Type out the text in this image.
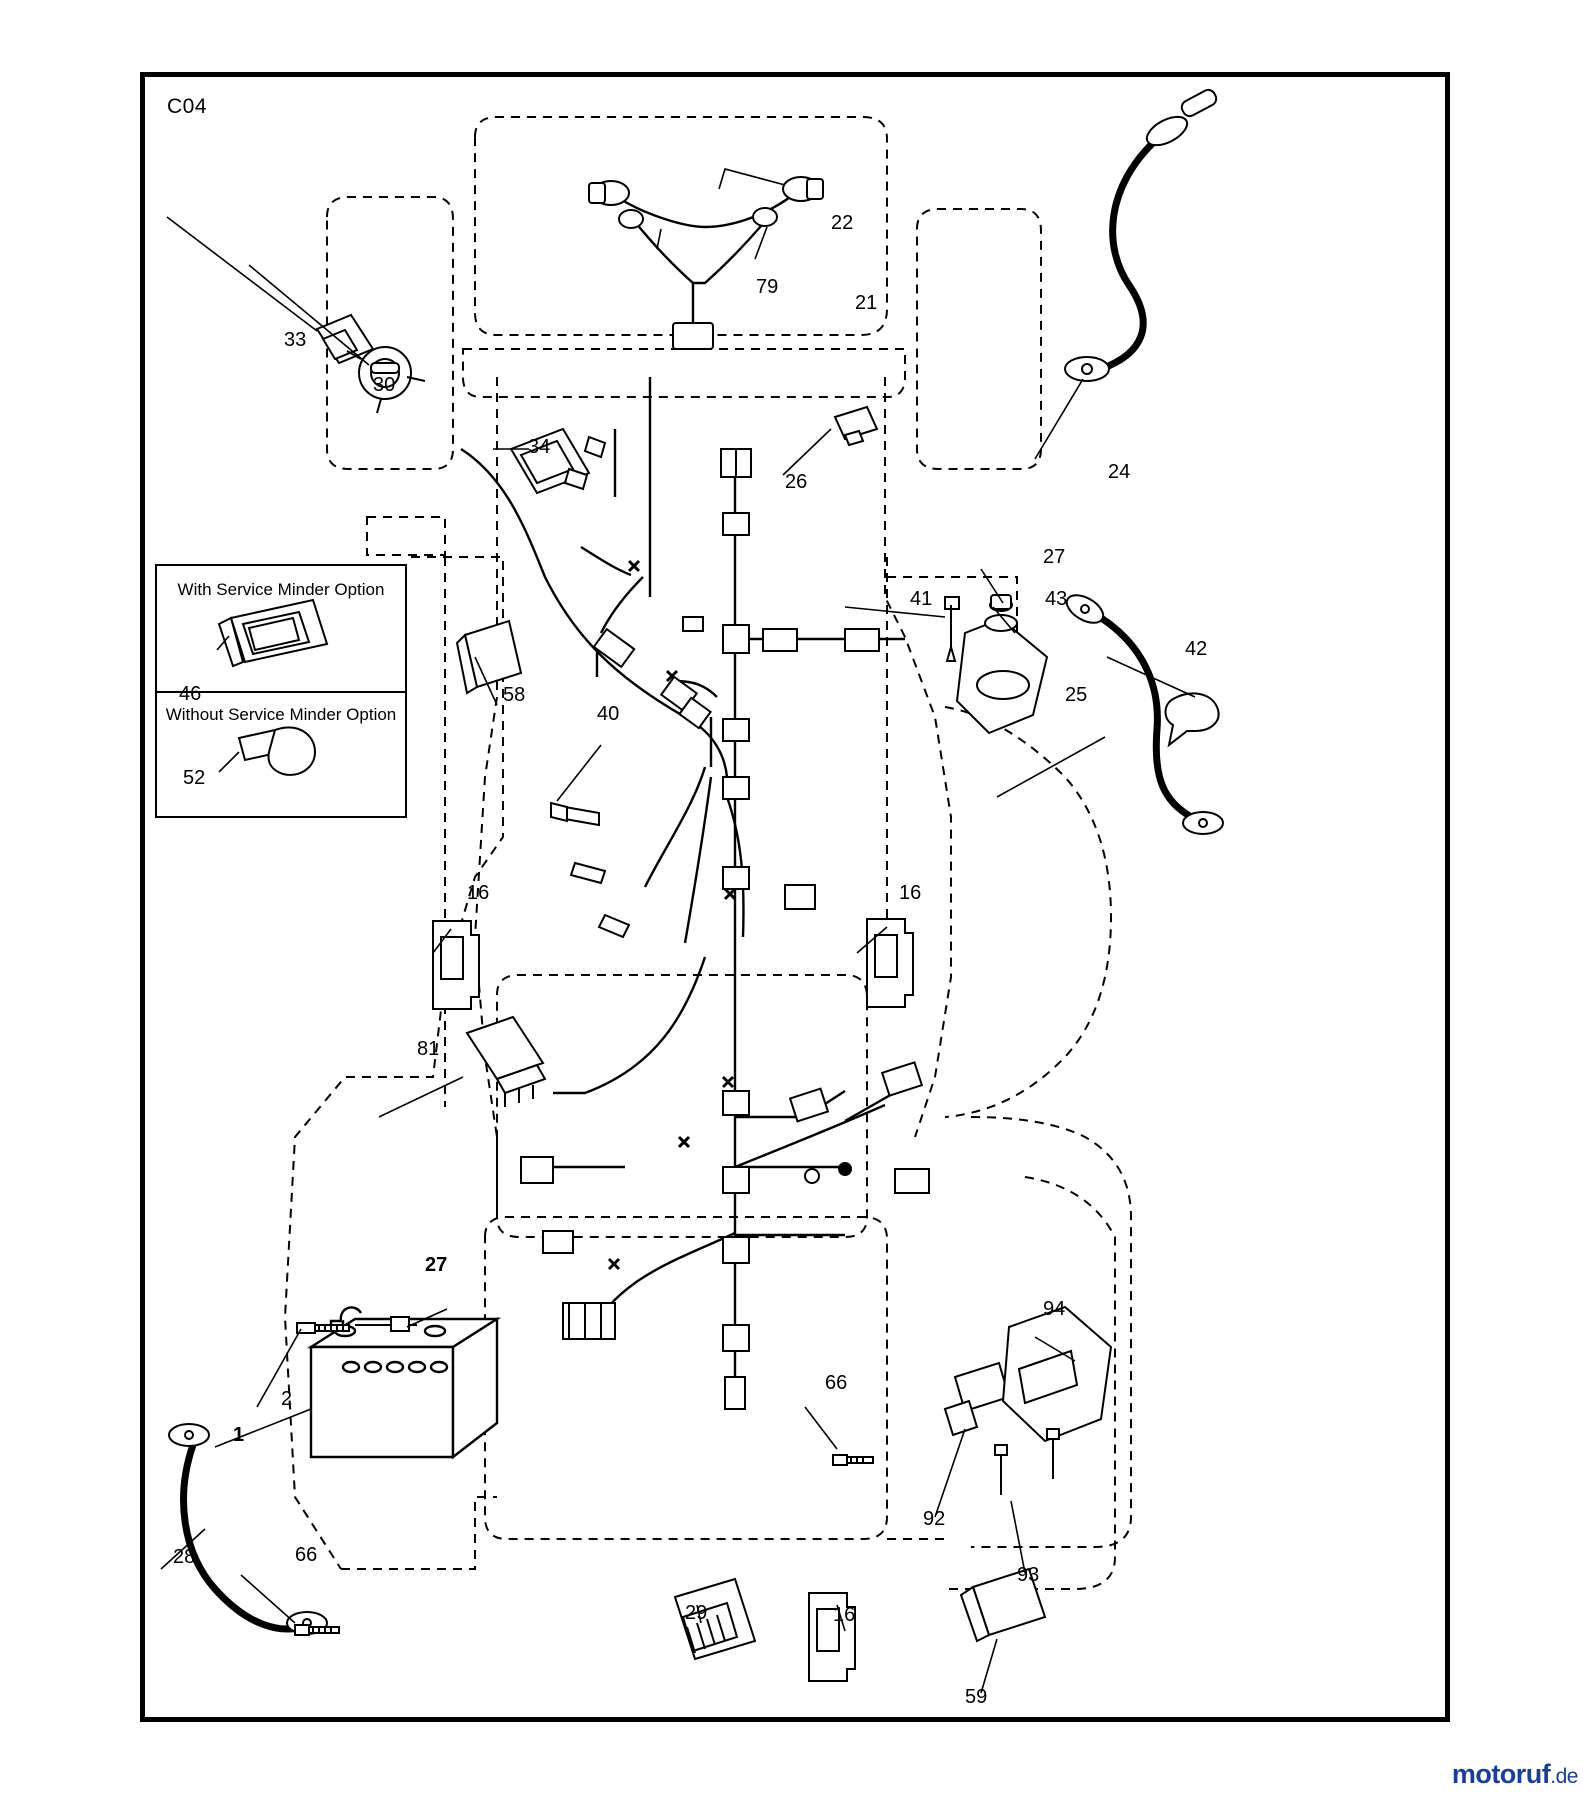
C04
33
30
22
79
21
24
34
26
27
41	43
42
25
58
40
16	16
81
27
2
1
28	66
66
94
92
93
29	16
59
With Service Minder Option
Without Service Minder Option
46
52
motoruf.de
